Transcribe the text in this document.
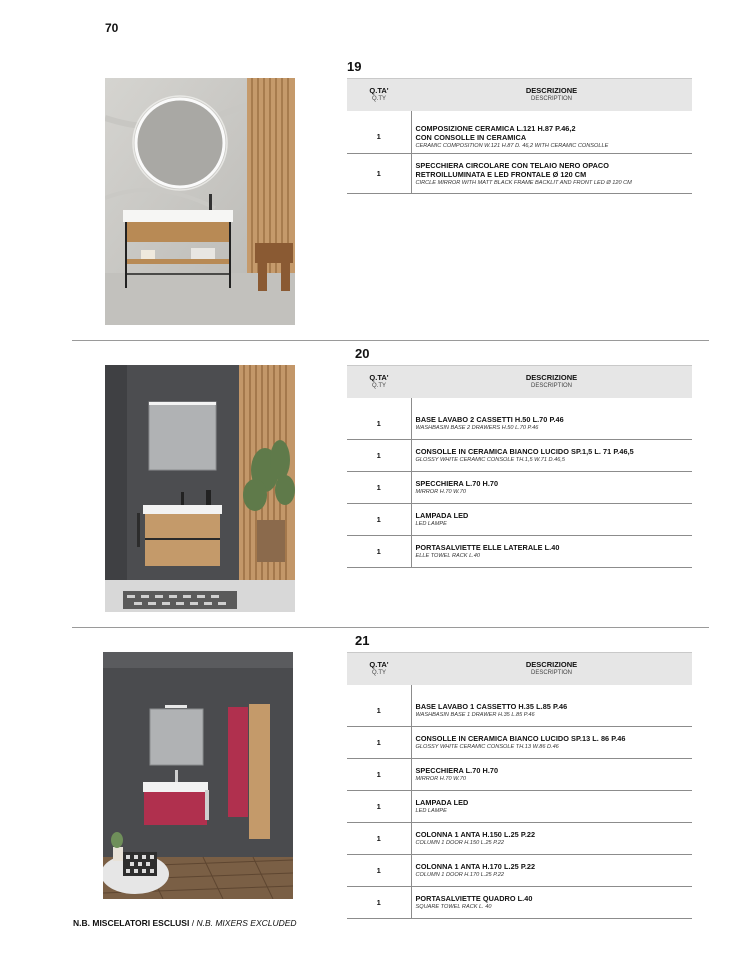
70
19
Q.TA'
Q.TY	DESCRIZIONE
DESCRIPTION

1	COMPOSIZIONE CERAMICA L.121 H.87 P.46,2
CON CONSOLLE IN CERAMICA
CERAMIC COMPOSITION W.121 H.87 D. 46,2 WITH CERAMIC CONSOLLE

1	SPECCHIERA CIRCOLARE CON TELAIO NERO OPACO
RETROILLUMINATA E LED FRONTALE Ø 120 CM
CIRCLE MIRROR WITH MATT BLACK FRAME BACKLIT AND FRONT LED Ø 120 CM
20
Q.TA'
Q.TY	DESCRIZIONE
DESCRIPTION

1	BASE LAVABO 2 CASSETTI H.50 L.70 P.46
WASHBASIN BASE 2 DRAWERS H.50 L.70 P.46

1	CONSOLLE IN CERAMICA BIANCO LUCIDO SP.1,5 L. 71 P.46,5
GLOSSY WHITE CERAMIC CONSOLE TH.1,5 W.71 D.46,5

1	SPECCHIERA L.70 H.70
MIRROR H.70 W.70

1	LAMPADA LED
LED LAMPE

1	PORTASALVIETTE ELLE LATERALE L.40
ELLE TOWEL RACK L.40
21
Q.TA'
Q.TY	DESCRIZIONE
DESCRIPTION

1	BASE LAVABO 1 CASSETTO H.35 L.85 P.46
WASHBASIN BASE 1 DRAWER H.35 L.85 P.46

1	CONSOLLE IN CERAMICA BIANCO LUCIDO SP.13 L. 86 P.46
GLOSSY WHITE CERAMIC CONSOLE TH.13 W.86 D.46

1	SPECCHIERA L.70 H.70
MIRROR H.70 W.70

1	LAMPADA LED
LED LAMPE

1	COLONNA 1 ANTA H.150 L.25 P.22
COLUMN 1 DOOR H.150 L.25 P.22

1	COLONNA 1 ANTA H.170 L.25 P.22
COLUMN 1 DOOR H.170 L.25 P.22

1	PORTASALVIETTE QUADRO L.40
SQUARE TOWEL RACK L. 40
N.B. MISCELATORI ESCLUSI / N.B. MIXERS EXCLUDED
